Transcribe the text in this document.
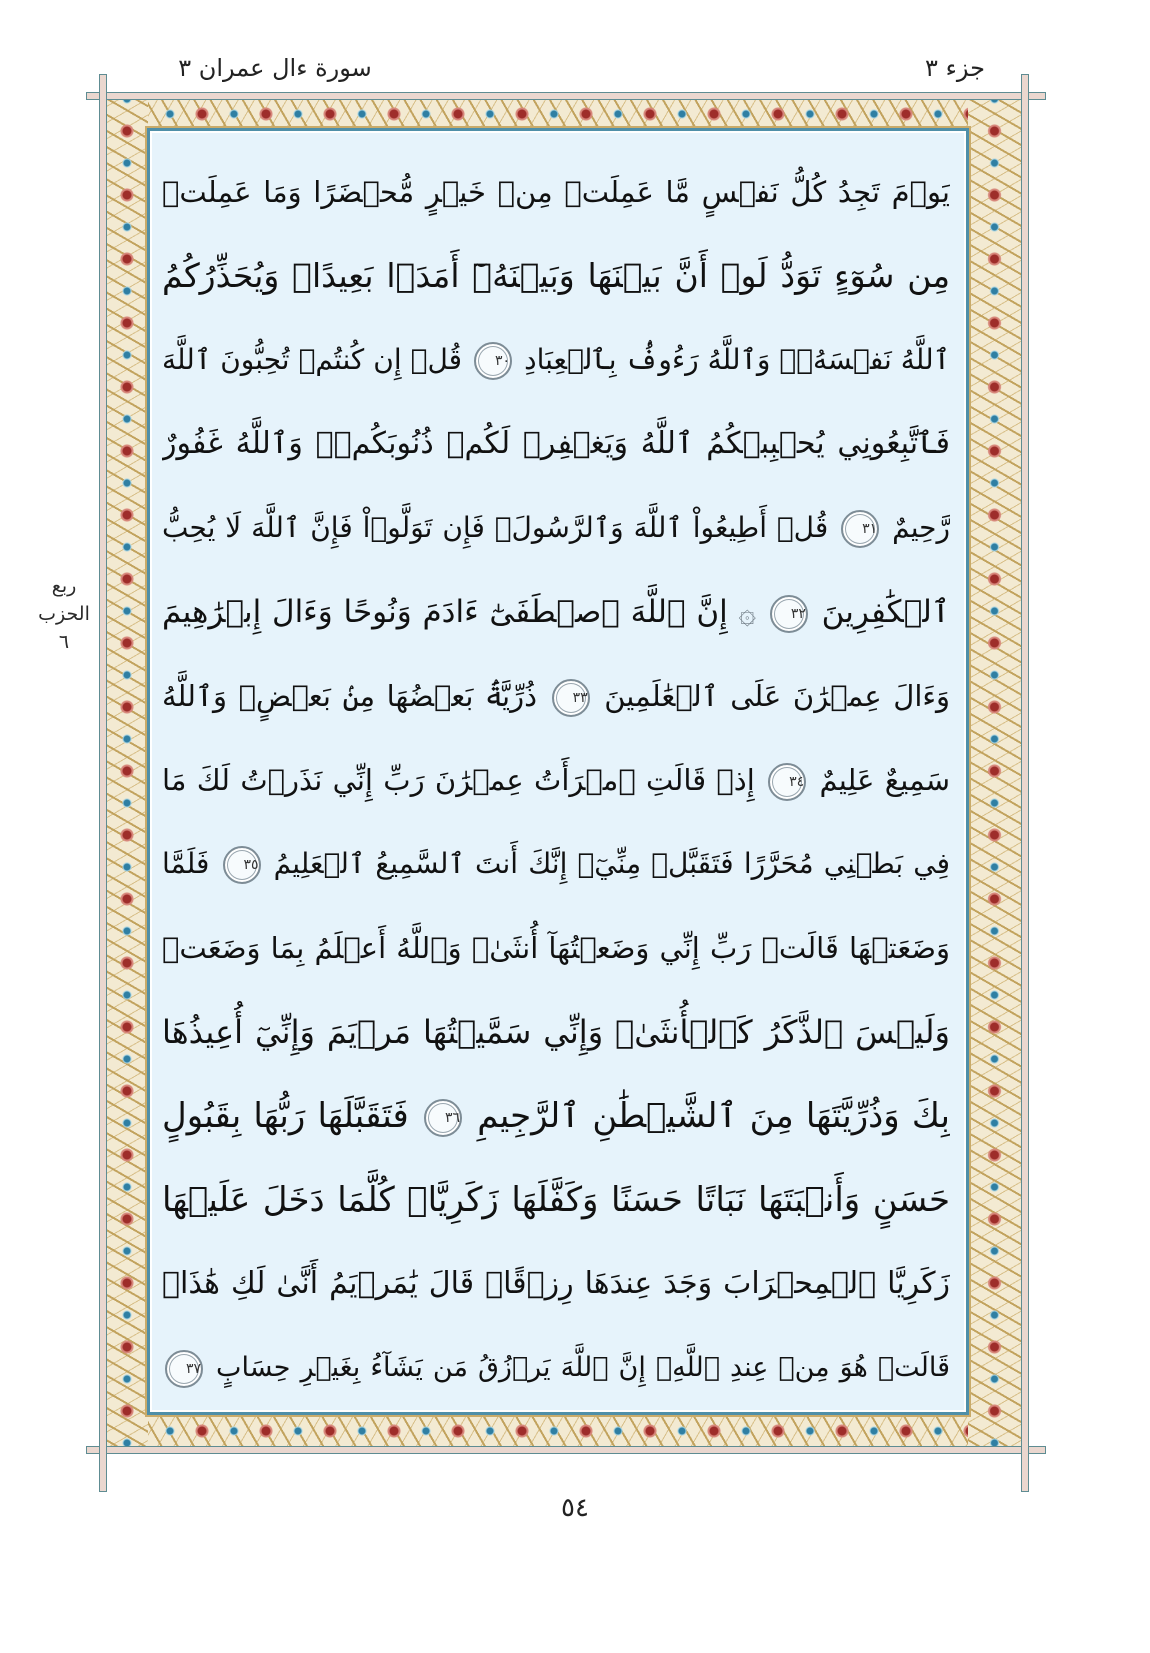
جزء ٣
سورة ءال عمران ٣
ربع
الحزب
٦
يَوۡمَ تَجِدُ كُلُّ نَفۡسٍ مَّا عَمِلَتۡ مِنۡ خَيۡرٍ مُّحۡضَرًا وَمَا عَمِلَتۡ
مِن سُوٓءٍ تَوَدُّ لَوۡ أَنَّ بَيۡنَهَا وَبَيۡنَهُۥٓ أَمَدَۢا بَعِيدًاۚ وَيُحَذِّرُكُمُ
ٱللَّهُ نَفۡسَهُۥۚ وَٱللَّهُ رَءُوفُۢ بِٱلۡعِبَادِ ٣٠ قُلۡ إِن كُنتُمۡ تُحِبُّونَ ٱللَّهَ
فَٱتَّبِعُونِي يُحۡبِبۡكُمُ ٱللَّهُ وَيَغۡفِرۡ لَكُمۡ ذُنُوبَكُمۡۚ وَٱللَّهُ غَفُورٌ
رَّحِيمٌ ٣١ قُلۡ أَطِيعُواْ ٱللَّهَ وَٱلرَّسُولَۚ فَإِن تَوَلَّوۡاْ فَإِنَّ ٱللَّهَ لَا يُحِبُّ
ٱلۡكَٰفِرِينَ ٣٢ ۞ إِنَّ ٱللَّهَ ٱصۡطَفَىٰٓ ءَادَمَ وَنُوحًا وَءَالَ إِبۡرَٰهِيمَ
وَءَالَ عِمۡرَٰنَ عَلَى ٱلۡعَٰلَمِينَ ٣٣ ذُرِّيَّةَۢ بَعۡضُهَا مِنۢ بَعۡضٍۗ وَٱللَّهُ
سَمِيعٌ عَلِيمٌ ٣٤ إِذۡ قَالَتِ ٱمۡرَأَتُ عِمۡرَٰنَ رَبِّ إِنِّي نَذَرۡتُ لَكَ مَا
فِي بَطۡنِي مُحَرَّرًا فَتَقَبَّلۡ مِنِّيٓۖ إِنَّكَ أَنتَ ٱلسَّمِيعُ ٱلۡعَلِيمُ ٣٥ فَلَمَّا
وَضَعَتۡهَا قَالَتۡ رَبِّ إِنِّي وَضَعۡتُهَآ أُنثَىٰۚ وَٱللَّهُ أَعۡلَمُ بِمَا وَضَعَتۡ
وَلَيۡسَ ٱلذَّكَرُ كَٱلۡأُنثَىٰۚ وَإِنِّي سَمَّيۡتُهَا مَرۡيَمَ وَإِنِّيٓ أُعِيذُهَا
بِكَ وَذُرِّيَّتَهَا مِنَ ٱلشَّيۡطَٰنِ ٱلرَّجِيمِ ٣٦ فَتَقَبَّلَهَا رَبُّهَا بِقَبُولٍ
حَسَنٍ وَأَنۢبَتَهَا نَبَاتًا حَسَنًا وَكَفَّلَهَا زَكَرِيَّاۚ كُلَّمَا دَخَلَ عَلَيۡهَا
زَكَرِيَّا ٱلۡمِحۡرَابَ وَجَدَ عِندَهَا رِزۡقًاۖ قَالَ يَٰمَرۡيَمُ أَنَّىٰ لَكِ هَٰذَاۖ
قَالَتۡ هُوَ مِنۡ عِندِ ٱللَّهِۖ إِنَّ ٱللَّهَ يَرۡزُقُ مَن يَشَآءُ بِغَيۡرِ حِسَابٍ ٣٧
٥٤
